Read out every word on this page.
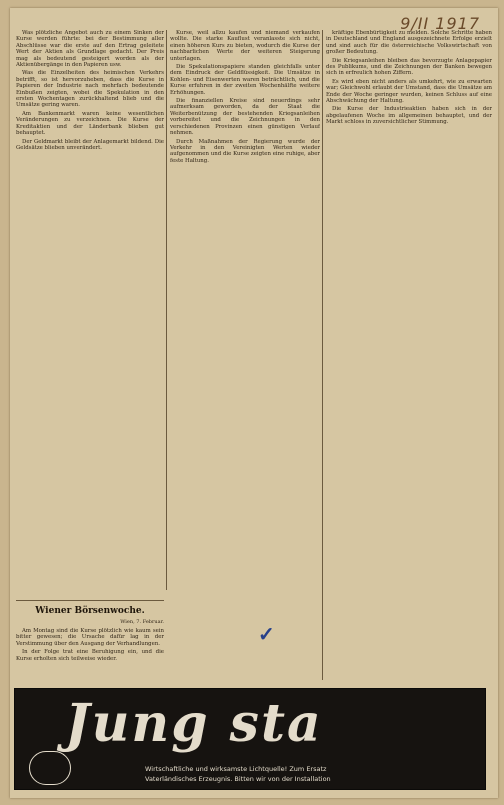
9/II 1917

Was plötzliche Angebot auch zu einem Sinken der Kurse werden führte: bei der Bestimmung aller Abschlüsse war die erste auf den Ertrag geleitete Wert der Aktien als Grundlage gedacht. Der Preis mag als bedeutend gesteigert worden als der Aktienübergänge in den Papieren usw.

Was die Einzelheiten des heimischen Verkehrs betrifft, so ist hervorzuheben, dass die Kurse in Papieren der Industrie nach mehrfach bedeutende Einbußen zeigten, wobei die Spekulation in den ersten Wochentagen zurückhaltend blieb und die Umsätze gering waren.

Am Bankenmarkt waren keine wesentlichen Veränderungen zu verzeichnen. Die Kurse der Kreditaktien und der Länderbank blieben gut behauptet.

Der Geldmarkt bleibt der Anlagemarkt bildend. Die Geldsätze blieben unverändert.

Kurse, weil allzu kaufen und niemand verkaufen wollte. Die starke Kauflust veranlasste sich nicht, einen höheren Kurs zu bieten, wodurch die Kurse der nachbarlichen Werte der weiteren Steigerung unterlagen.

Die Spekulationspapiere standen gleichfalls unter dem Eindruck der Geldflüssigkeit. Die Umsätze in Kohlen- und Eisenwerten waren beträchtlich, und die Kurse erfuhren in der zweiten Wochenhälfte weitere Erhöhungen.

Die finanziellen Kreise sind neuerdings sehr aufmerksam geworden, da der Staat die Weiterbenützung der bestehenden Kriegsanleihen vorbereitet und die Zeichnungen in den verschiedenen Provinzen einen günstigen Verlauf nehmen.

Durch Maßnahmen der Regierung wurde der Verkehr in den Vereinigten Werten wieder aufgenommen und die Kurse zeigten eine ruhige, aber feste Haltung.

kräftige Ebenbürtigkeit zu melden. Solche Schritte haben in Deutschland und England ausgezeichnete Erfolge erzielt und sind auch für die österreichische Volkswirtschaft von großer Bedeutung.

Die Kriegsanleihen bleiben das bevorzugte Anlagepapier des Publikums, und die Zeichnungen der Banken bewegen sich in erfreulich hohen Ziffern.

Es wird eben nicht anders als umkehrt, wie zu erwarten war; Gleichwohl erlaubt der Umstand, dass die Umsätze am Ende der Woche geringer wurden, keinen Schluss auf eine Abschwächung der Haltung.

Die Kurse der Industrieaktien haben sich in der abgelaufenen Woche im allgemeinen behauptet, und der Markt schloss in zuversichtlicher Stimmung.

Wiener Börsenwoche.
Wien, 7. Februar.

Am Montag sind die Kurse plötzlich wie kaum sein bitter gewesen; die Ursache dafür lag in der Verstimmung über den Ausgang der Verhandlungen.

In der Folge trat eine Beruhigung ein, und die Kurse erholten sich teilweise wieder.

✓
Jung sta
Wirtschaftliche und wirksamste Lichtquelle! Zum Ersatz
Vaterländisches Erzeugnis. Bitten wir von der Installation
